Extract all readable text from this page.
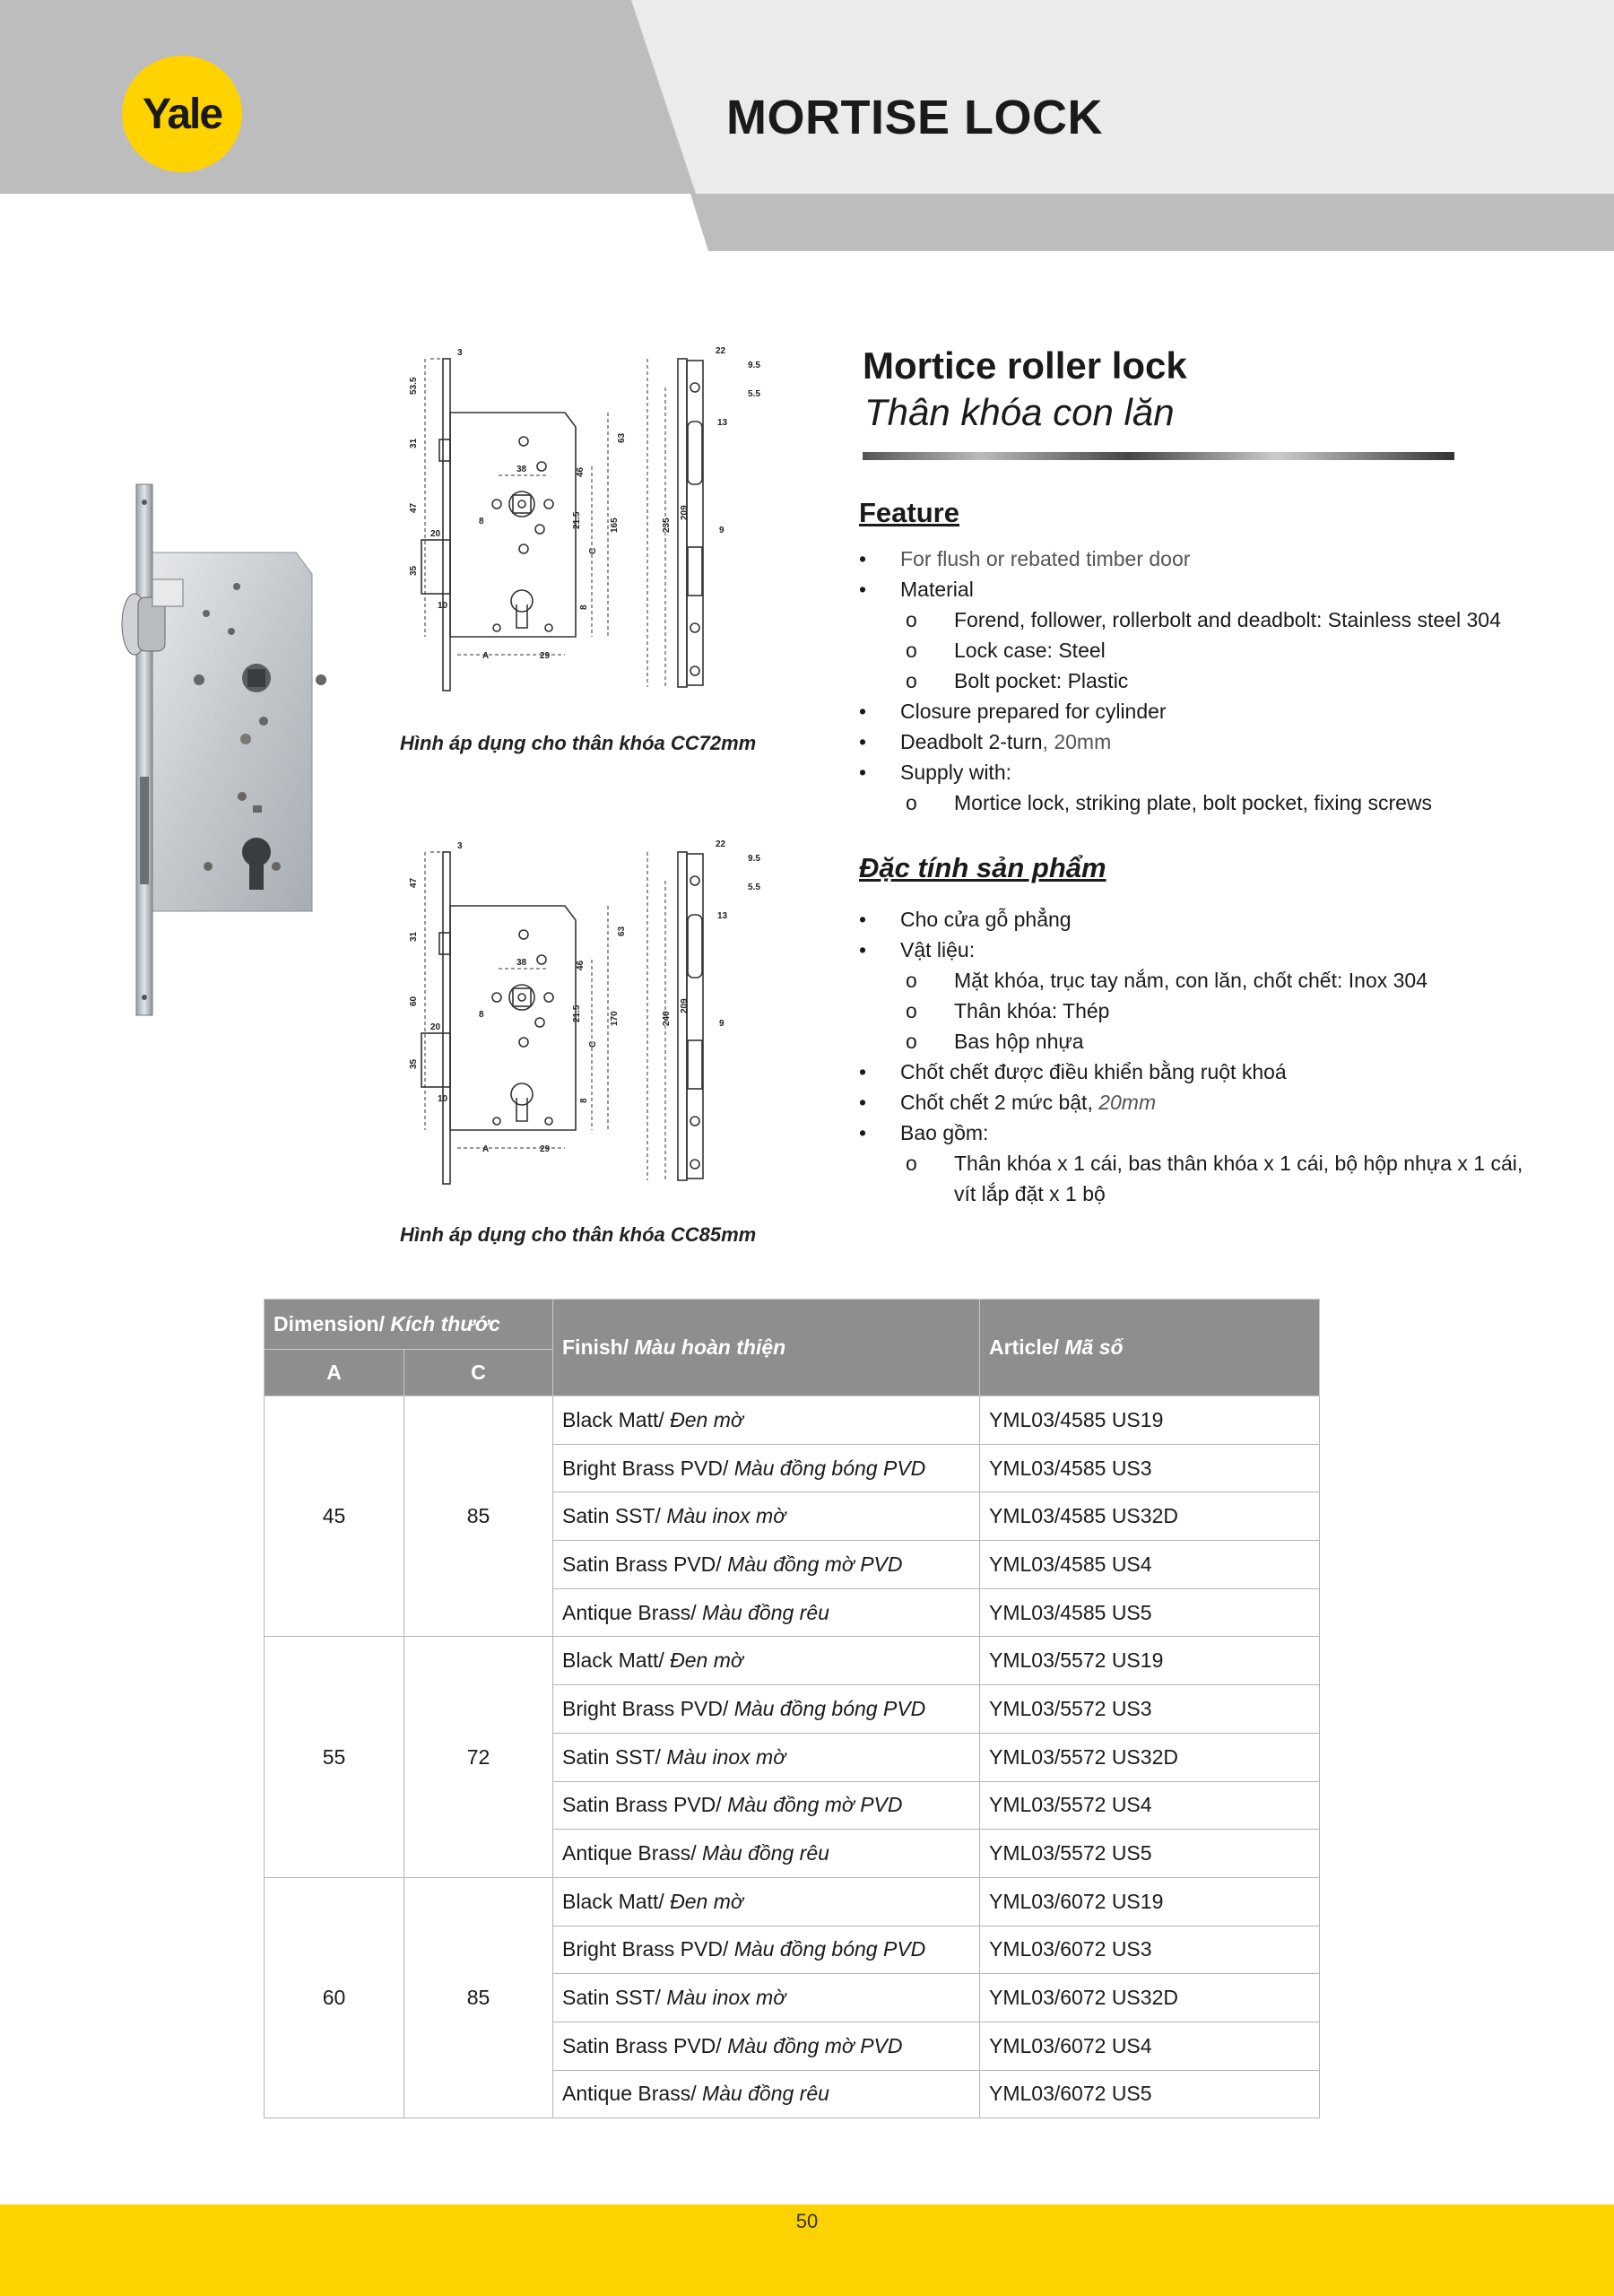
Yale	MORTISE LOCK
3
53.5
31
47
35
20
10
38
8
46
21.5
63
165	235
209
A	29
C
8
22
9.5
5.5
13
9
Hình áp dụng cho thân khóa CC72mm
3
47
31
60
35
20
10
38
8
46
21.5
63
170	240
209
A	29
C
8
22
9.5
5.5
13
9
Hình áp dụng cho thân khóa CC85mm
Mortice roller lock
Thân khóa con lăn
Feature
•	For flush or rebated timber door
•	Material
o	Forend, follower, rollerbolt and deadbolt: Stainless steel 304
o	Lock case: Steel
o	Bolt pocket: Plastic
•	Closure prepared for cylinder
•	Deadbolt 2-turn, 20mm
•	Supply with:
o	Mortice lock, striking plate, bolt pocket, fixing screws
Đặc tính sản phẩm
•	Cho cửa gỗ phẳng
•	Vật liệu:
o	Mặt khóa, trục tay nắm, con lăn, chốt chết: Inox 304
o	Thân khóa: Thép
o	Bas hộp nhựa
•	Chốt chết được điều khiển bằng ruột khoá
•	Chốt chết 2 mức bật, 20mm
•	Bao gồm:
o	Thân khóa x 1 cái, bas thân khóa x 1 cái, bộ hộp nhựa x 1 cái, vít lắp đặt x 1 bộ
Dimension/ Kích thước		Finish/ Màu hoàn thiện	Article/ Mã số
A	C		
45	85	Black Matt/ Đen mờ	YML03/4585 US19
		Bright Brass PVD/ Màu đồng bóng PVD	YML03/4585 US3
		Satin SST/ Màu inox mờ	YML03/4585 US32D
		Satin Brass PVD/ Màu đồng mờ PVD	YML03/4585 US4
		Antique Brass/ Màu đồng rêu	YML03/4585 US5
55	72	Black Matt/ Đen mờ	YML03/5572 US19
		Bright Brass PVD/ Màu đồng bóng PVD	YML03/5572 US3
		Satin SST/ Màu inox mờ	YML03/5572 US32D
		Satin Brass PVD/ Màu đồng mờ PVD	YML03/5572 US4
		Antique Brass/ Màu đồng rêu	YML03/5572 US5
60	85	Black Matt/ Đen mờ	YML03/6072 US19
		Bright Brass PVD/ Màu đồng bóng PVD	YML03/6072 US3
		Satin SST/ Màu inox mờ	YML03/6072 US32D
		Satin Brass PVD/ Màu đồng mờ PVD	YML03/6072 US4
		Antique Brass/ Màu đồng rêu	YML03/6072 US5
50
